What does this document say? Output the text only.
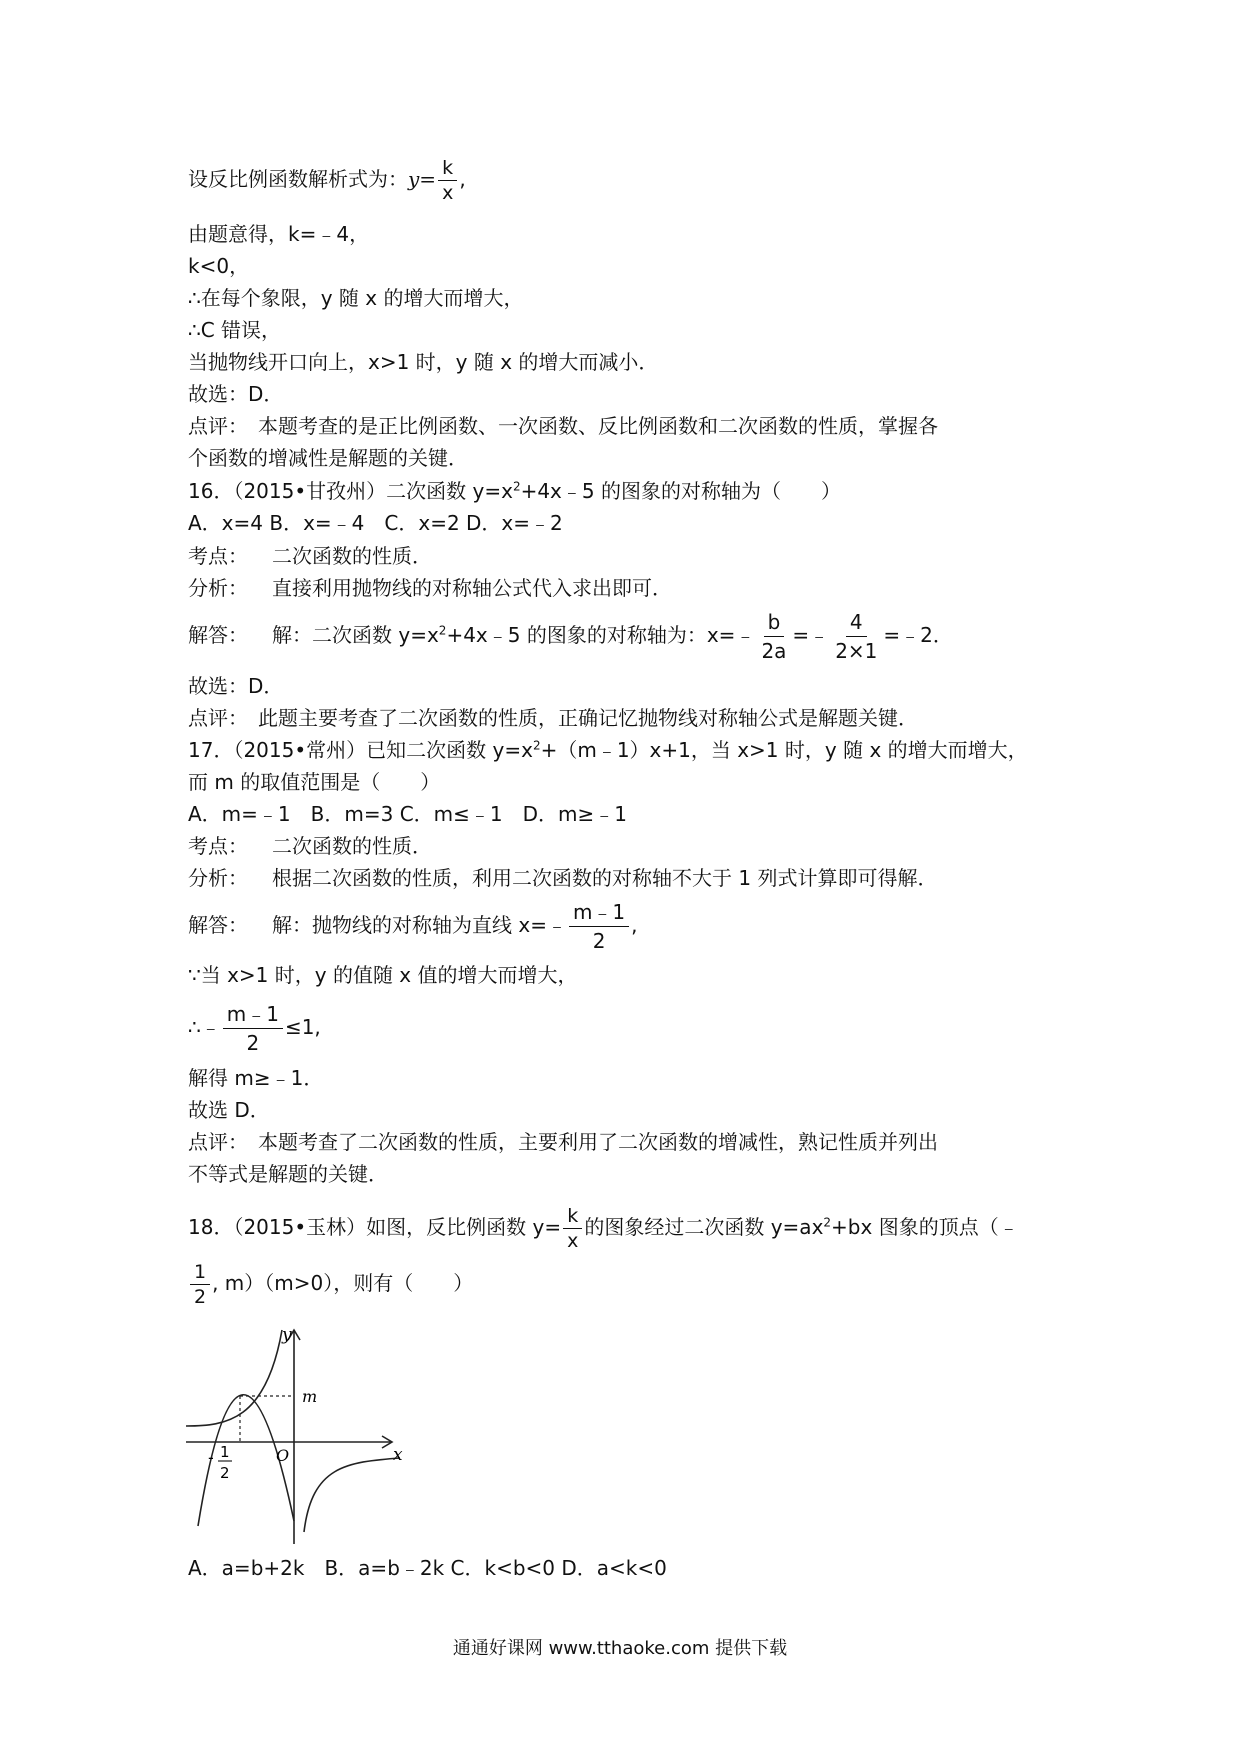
设反比例函数解析式为：$y= \frac{k}{x}$ ,
由题意得，k=﹣4，
k<0，
∴在每个象限，y 随 x 的增大而增大，
∴C 错误，
当抛物线开口向上，x>1 时，y 随 x 的增大而减小．
故选：D．
点评：　本题考查的是正比例函数、一次函数、反比例函数和二次函数的性质，掌握各
个函数的增减性是解题的关键．
16．（2015•甘孜州）二次函数 $y=x^2+4x﹣5$ 的图象的对称轴为（　　）
A．x=4 B．x=﹣4　C．x=2 D．x=﹣2
考点： 二次函数的性质．
分析： 直接利用抛物线的对称轴公式代入求出即可．
解答： 解：二次函数 $y=x^2+4x﹣5$ 的图象的对称轴为：x=﹣ $\frac{b}{2a}$ =﹣ $\frac{4}{2\times 1}$ =﹣2．
故选：D．
点评：　此题主要考查了二次函数的性质，正确记忆抛物线对称轴公式是解题关键．
17．（2015•常州）已知二次函数 $y=x^2+(m﹣1)x+1$，当 x>1 时，y 随 x 的增大而增大，
而 m 的取值范围是（　　）
A．m=﹣1　B．m=3 C．m≤﹣1　D．m≥﹣1
考点： 二次函数的性质．
分析： 根据二次函数的性质，利用二次函数的对称轴不大于 1 列式计算即可得解．
解答： 解：抛物线的对称轴为直线 x=﹣ $\frac{m﹣1}{2}$ ,
∵当 x>1 时，y 的值随 x 值的增大而增大，
∴﹣ $\frac{m﹣1}{2} \le 1$,
解得 m≥﹣1．
故选 D．
点评：　本题考查了二次函数的性质，主要利用了二次函数的增减性，熟记性质并列出
不等式是解题的关键．
18．（2015•玉林）如图，反比例函数 $y= \frac{k}{x}$ 的图象经过二次函数 $y=ax^2+bx$ 图象的顶点（﹣
$\frac{1}{2}$ , m）（m>0），则有（　　）
y
x
m
O
- 1
2
A．a=b+2k　B．a=b﹣2k C．k<b<0 D．a<k<0
通通好课网 www.tthaoke.com 提供下载
